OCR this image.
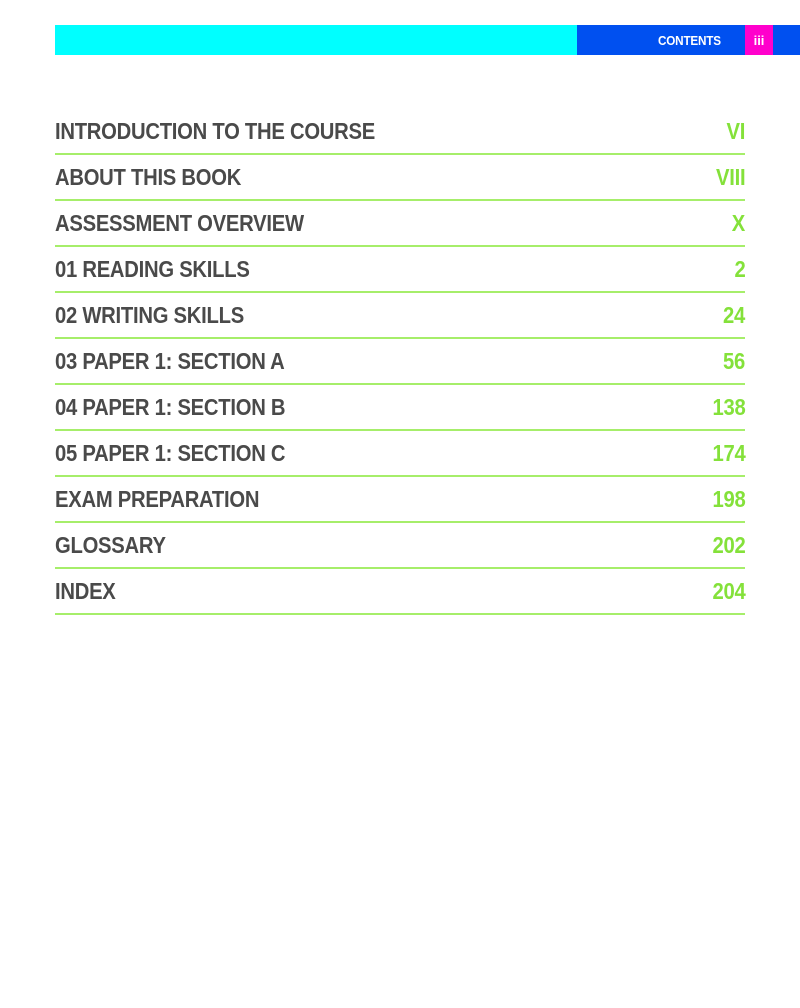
CONTENTS	iii
INTRODUCTION TO THE COURSE	VI
ABOUT THIS BOOK	VIII
ASSESSMENT OVERVIEW	X
01 READING SKILLS	2
02 WRITING SKILLS	24
03 PAPER 1: SECTION A	56
04 PAPER 1: SECTION B	138
05 PAPER 1: SECTION C	174
EXAM PREPARATION	198
GLOSSARY	202
INDEX	204
